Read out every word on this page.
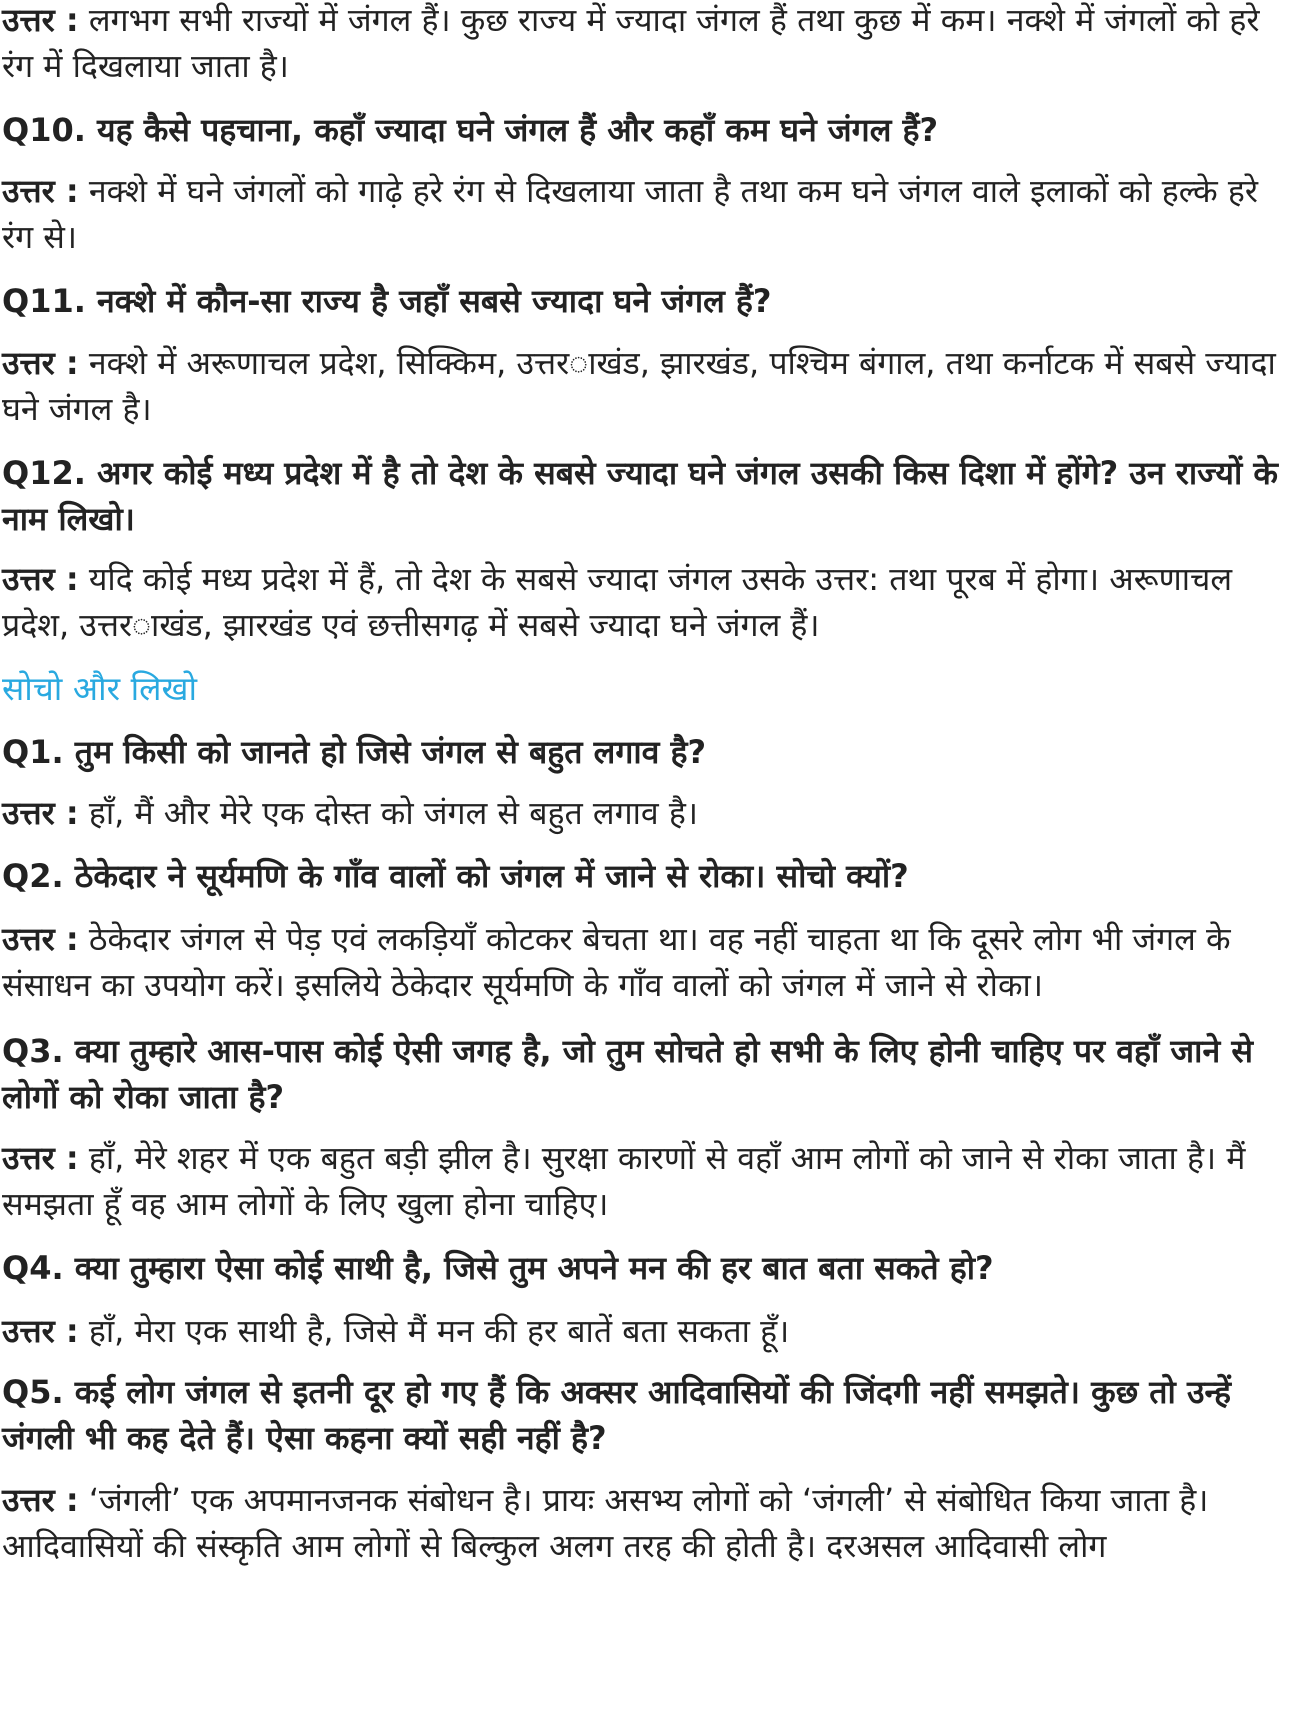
उत्तर : लगभग सभी राज्यों में जंगल हैं। कुछ राज्य में ज्यादा जंगल हैं तथा कुछ में कम। नक्शे में जंगलों को हरे रंग में दिखलाया जाता है।

Q10. यह कैसे पहचाना, कहाँ ज्यादा घने जंगल हैं और कहाँ कम घने जंगल हैं?

उत्तर : नक्शे में घने जंगलों को गाढ़े हरे रंग से दिखलाया जाता है तथा कम घने जंगल वाले इलाकों को हल्के हरे रंग से।

Q11. नक्शे में कौन-सा राज्य है जहाँ सबसे ज्यादा घने जंगल हैं?

उत्तर : नक्शे में अरूणाचल प्रदेश, सिक्किम, उत्तर◌ाखंड, झारखंड, पश्चिम बंगाल, तथा कर्नाटक में सबसे ज्यादा घने जंगल है।

Q12. अगर कोई मध्य प्रदेश में है तो देश के सबसे ज्यादा घने जंगल उसकी किस दिशा में होंगे? उन राज्यों के नाम लिखो।

उत्तर : यदि कोई मध्य प्रदेश में हैं, तो देश के सबसे ज्यादा जंगल उसके उत्तर: तथा पूरब में होगा। अरूणाचल प्रदेश, उत्तर◌ाखंड, झारखंड एवं छत्तीसगढ़ में सबसे ज्यादा घने जंगल हैं।

सोचो और लिखो

Q1. तुम किसी को जानते हो जिसे जंगल से बहुत लगाव है?

उत्तर : हाँ, मैं और मेरे एक दोस्त को जंगल से बहुत लगाव है।

Q2. ठेकेदार ने सूर्यमणि के गाँव वालों को जंगल में जाने से रोका। सोचो क्यों?

उत्तर : ठेकेदार जंगल से पेड़ एवं लकड़ियाँ कोटकर बेचता था। वह नहीं चाहता था कि दूसरे लोग भी जंगल के संसाधन का उपयोग करें। इसलिये ठेकेदार सूर्यमणि के गाँव वालों को जंगल में जाने से रोका।

Q3. क्या तुम्हारे आस-पास कोई ऐसी जगह है, जो तुम सोचते हो सभी के लिए होनी चाहिए पर वहाँ जाने से लोगों को रोका जाता है?

उत्तर : हाँ, मेरे शहर में एक बहुत बड़ी झील है। सुरक्षा कारणों से वहाँ आम लोगों को जाने से रोका जाता है। मैं समझता हूँ वह आम लोगों के लिए खुला होना चाहिए।

Q4. क्या तुम्हारा ऐसा कोई साथी है, जिसे तुम अपने मन की हर बात बता सकते हो?

उत्तर : हाँ, मेरा एक साथी है, जिसे मैं मन की हर बातें बता सकता हूँ।

Q5. कई लोग जंगल से इतनी दूर हो गए हैं कि अक्सर आदिवासियों की जिंदगी नहीं समझते। कुछ तो उन्हें जंगली भी कह देते हैं। ऐसा कहना क्यों सही नहीं है?

उत्तर : ‘जंगली’ एक अपमानजनक संबोधन है। प्रायः असभ्य लोगों को ‘जंगली’ से संबोधित किया जाता है। आदिवासियों की संस्कृति आम लोगों से बिल्कुल अलग तरह की होती है। दरअसल आदिवासी लोग
